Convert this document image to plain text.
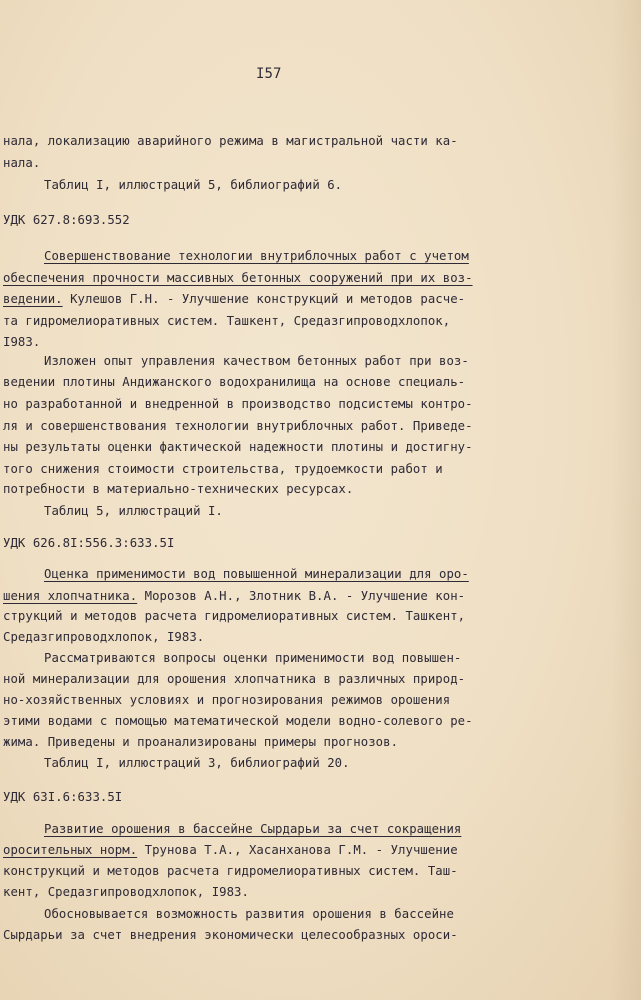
I57
нала, локализацию аварийного режима в магистральной части ка-
нала.
Таблиц I, иллюстраций 5, библиографий 6.
УДК 627.8:693.552
Совершенствование технологии внутриблочных работ с учетом
обеспечения прочности массивных бетонных сооружений при их воз-
ведении. Кулешов Г.Н. - Улучшение конструкций и методов расче-
та гидромелиоративных систем. Ташкент, Средазгипроводхлопок,
I983.
Изложен опыт управления качеством бетонных работ при воз-
ведении плотины Андижанского водохранилища на основе специаль-
но разработанной и внедренной в производство подсистемы контро-
ля и совершенствования технологии внутриблочных работ. Приведе-
ны результаты оценки фактической надежности плотины и достигну-
того снижения стоимости строительства, трудоемкости работ и
потребности в материально-технических ресурсах.
Таблиц 5, иллюстраций I.
УДК 626.8I:556.3:633.5I
Оценка применимости вод повышенной минерализации для оро-
шения хлопчатника. Морозов А.Н., Злотник В.А. - Улучшение кон-
струкций и методов расчета гидромелиоративных систем. Ташкент,
Средазгипроводхлопок, I983.
Рассматриваются вопросы оценки применимости вод повышен-
ной минерализации для орошения хлопчатника в различных природ-
но-хозяйственных условиях и прогнозирования режимов орошения
этими водами с помощью математической модели водно-солевого ре-
жима. Приведены и проанализированы примеры прогнозов.
Таблиц I, иллюстраций 3, библиографий 20.
УДК 63I.6:633.5I
Развитие орошения в бассейне Сырдарьи за счет сокращения
оросительных норм. Трунова Т.А., Хасанханова Г.М. - Улучшение
конструкций и методов расчета гидромелиоративных систем. Таш-
кент, Средазгипроводхлопок, I983.
Обосновывается возможность развития орошения в бассейне
Сырдарьи за счет внедрения экономически целесообразных ороси-
